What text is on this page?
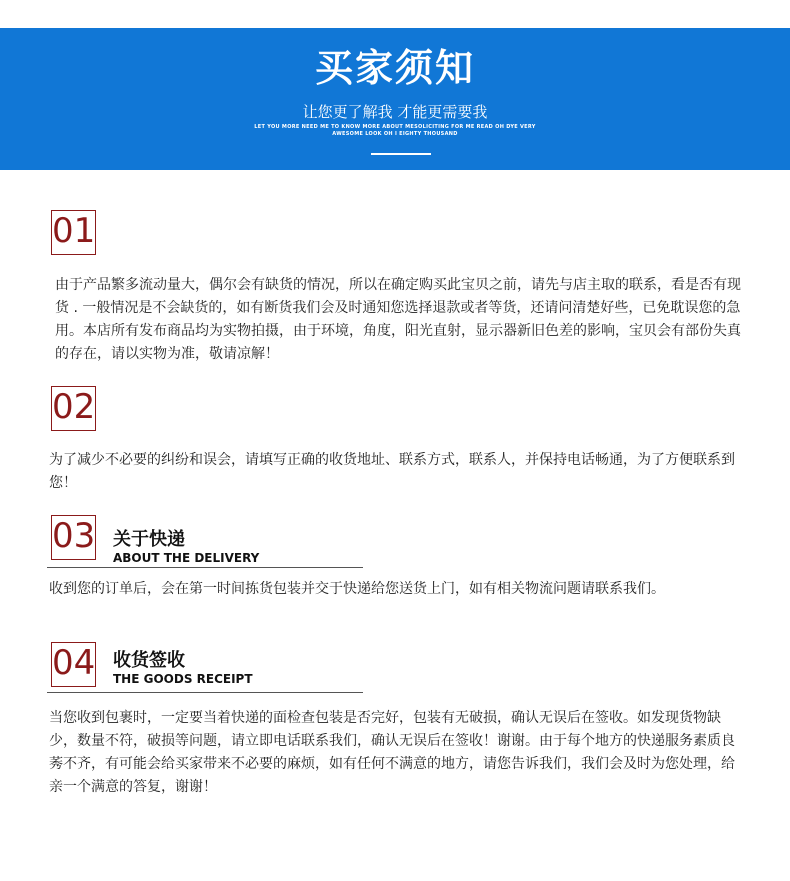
买家须知
让您更了解我 才能更需要我
LET YOU MORE NEED ME TO KNOW MORE ABOUT MESOLICITING FOR ME READ OH DYE VERY AWESOME LOOK OH I EIGHTY THOUSAND
01

由于产品繁多流动量大，偶尔会有缺货的情况，所以在确定购买此宝贝之前，请先与店主取的联系，看是否有现货 . 一般情况是不会缺货的，如有断货我们会及时通知您选择退款或者等货，还请问清楚好些，已免耽误您的急用。本店所有发布商品均为实物拍摄，由于环境，角度，阳光直射，显示器新旧色差的影响，宝贝会有部份失真的存在，请以实物为准，敬请凉解！

02

为了减少不必要的纠纷和误会，请填写正确的收货地址、联系方式，联系人，并保持电话畅通，为了方便联系到您！

03 关于快递
ABOUT THE DELIVERY

收到您的订单后，会在第一时间拣货包装并交于快递给您送货上门，如有相关物流问题请联系我们。

04 收货签收
THE GOODS RECEIPT

当您收到包裹时，一定要当着快递的面检查包装是否完好，包装有无破损，确认无误后在签收。如发现货物缺少，数量不符，破损等问题，请立即电话联系我们，确认无误后在签收！谢谢。由于每个地方的快递服务素质良莠不齐，有可能会给买家带来不必要的麻烦，如有任何不满意的地方，请您告诉我们，我们会及时为您处理，给亲一个满意的答复，谢谢！
